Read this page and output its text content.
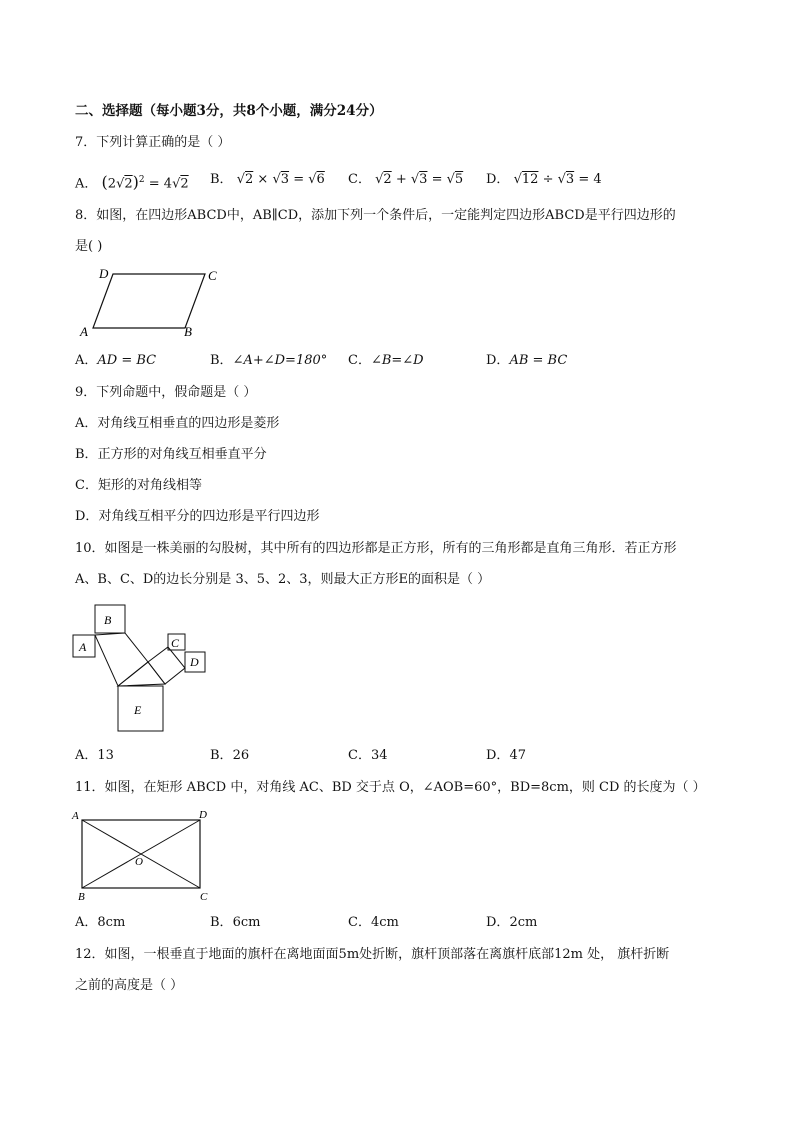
二、选择题（每小题3分，共8个小题，满分24分）
7．下列计算正确的是（ ）
A． $(2√2)^2 = 4√2$ B． √2 × √3 = √6 C． √2 + √3 = √5 D． √12 ÷ √3 = 4
8．如图，在四边形ABCD中，AB∥CD，添加下列一个条件后，一定能判定四边形ABCD是平行四边形的
是( )
D	C
A	B
A．AD = BC	B．∠A+∠D=180° C．∠B=∠D	D．AB = BC
9．下列命题中，假命题是（ ）
A．对角线互相垂直的四边形是菱形
B．正方形的对角线互相垂直平分
C．矩形的对角线相等
D．对角线互相平分的四边形是平行四边形
10．如图是一株美丽的勾股树，其中所有的四边形都是正方形，所有的三角形都是直角三角形．若正方形
A、B、C、D的边长分别是 3、5、2、3，则最大正方形E的面积是（ ）
B
A	C
D
E
A．13	B．26	C．34	D．47
11．如图，在矩形 ABCD 中，对角线 AC、BD 交于点 O，∠AOB=60°，BD=8cm，则 CD 的长度为（ ）
A	D
B	C
O
A．8cm	B．6cm	C．4cm	D．2cm
12．如图，一根垂直于地面的旗杆在离地面面5m处折断，旗杆顶部落在离旗杆底部12m 处， 旗杆折断
之前的高度是（ ）
